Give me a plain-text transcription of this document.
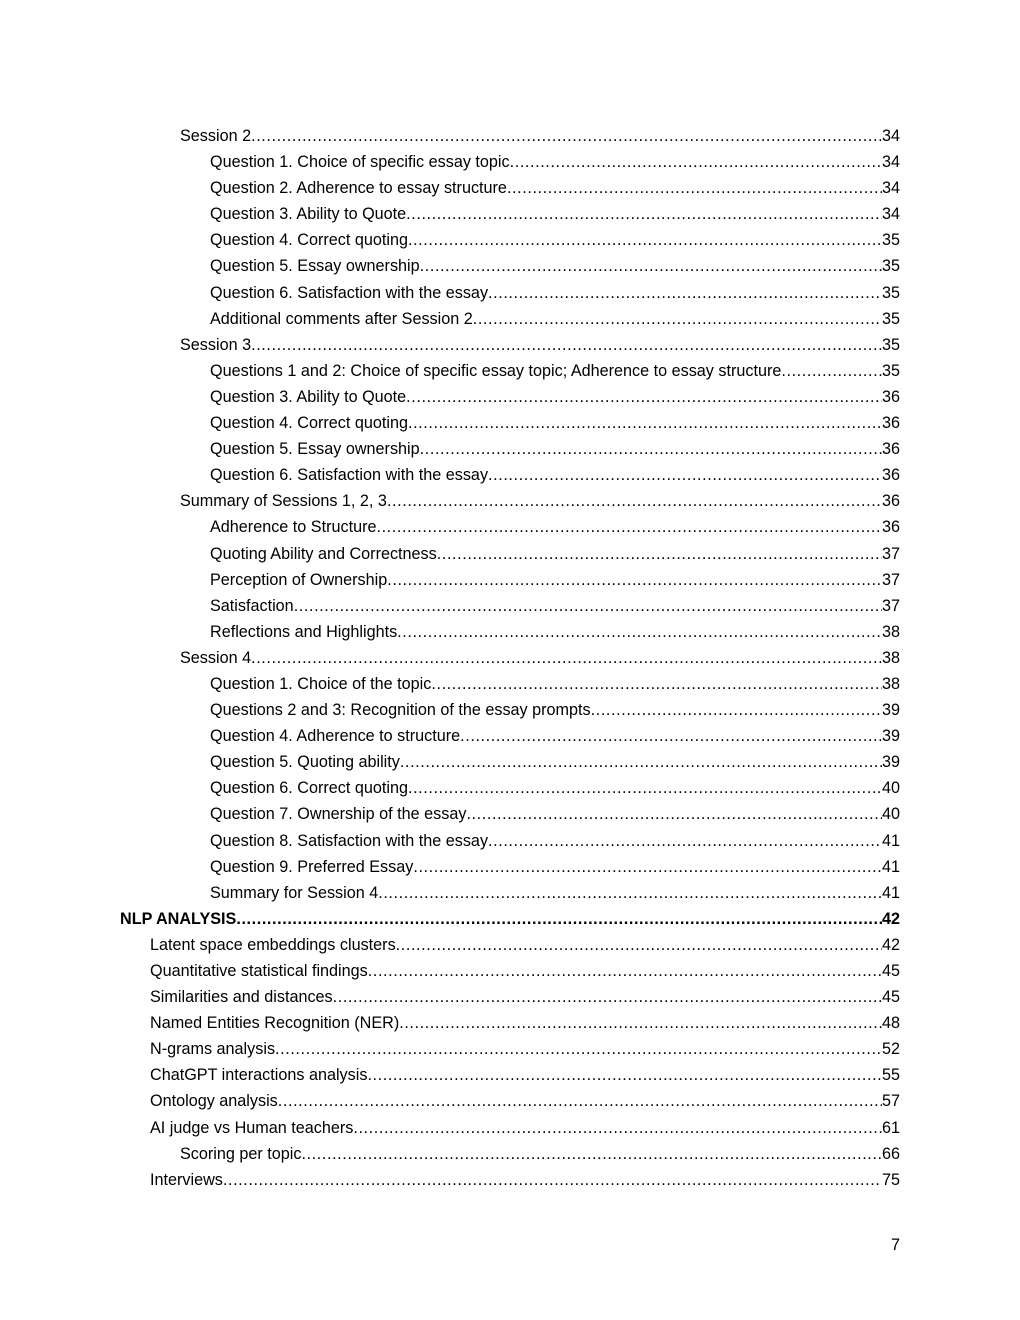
Session 2 .....	34
Question 1. Choice of specific essay topic .....	34
Question 2. Adherence to essay structure .....	34
Question 3. Ability to Quote .....	34
Question 4. Correct quoting .....	35
Question 5. Essay ownership .....	35
Question 6. Satisfaction with the essay .....	35
Additional comments after Session 2 .....	35
Session 3 .....	35
Questions 1 and 2: Choice of specific essay topic; Adherence to essay structure .....	35
Question 3. Ability to Quote .....	36
Question 4. Correct quoting .....	36
Question 5. Essay ownership .....	36
Question 6. Satisfaction with the essay .....	36
Summary of Sessions 1, 2, 3 .....	36
Adherence to Structure .....	36
Quoting Ability and Correctness .....	37
Perception of Ownership .....	37
Satisfaction .....	37
Reflections and Highlights .....	38
Session 4 .....	38
Question 1. Choice of the topic .....	38
Questions 2 and 3: Recognition of the essay prompts .....	39
Question 4. Adherence to structure .....	39
Question 5. Quoting ability .....	39
Question 6. Correct quoting .....	40
Question 7. Ownership of the essay .....	40
Question 8. Satisfaction with the essay .....	41
Question 9. Preferred Essay .....	41
Summary for Session 4 .....	41
NLP ANALYSIS .....	42
Latent space embeddings clusters .....	42
Quantitative statistical findings .....	45
Similarities and distances .....	45
Named Entities Recognition (NER) .....	48
N-grams analysis .....	52
ChatGPT interactions analysis .....	55
Ontology analysis .....	57
AI judge vs Human teachers .....	61
Scoring per topic .....	66
Interviews .....	75
7
